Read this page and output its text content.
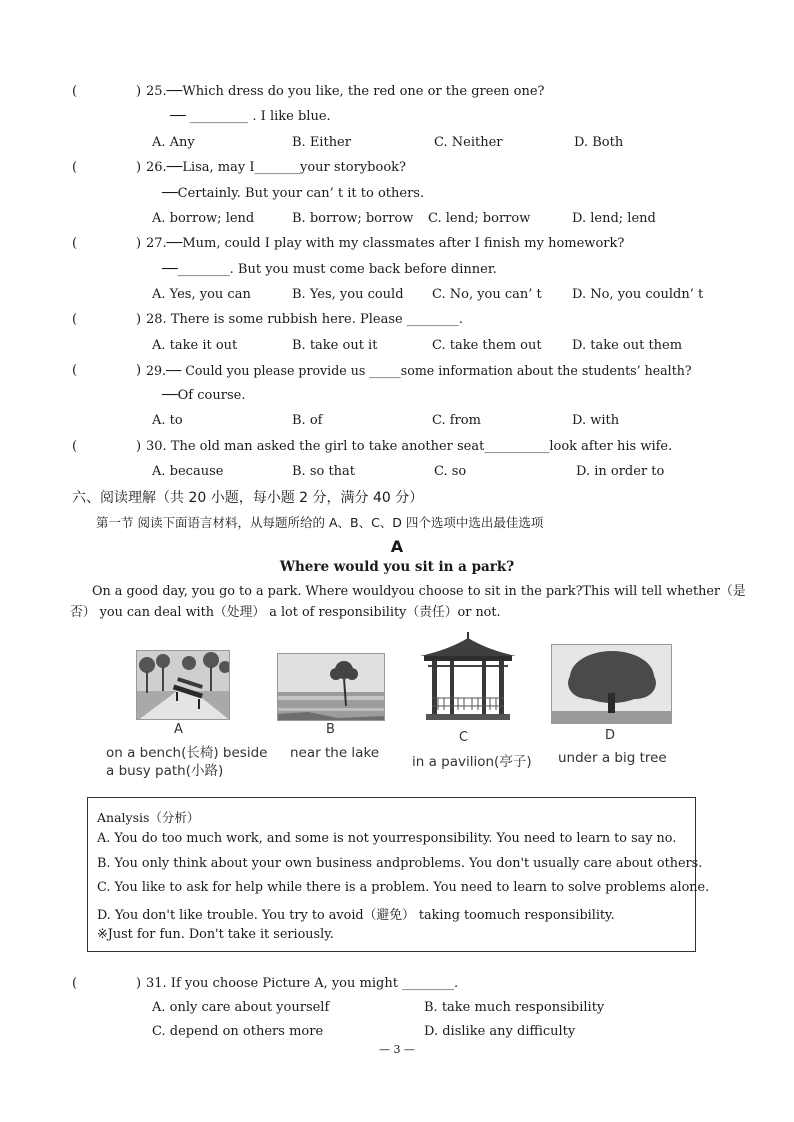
(	) 25.──Which dress do you like, the red one or the green one?
── _________ . I like blue.
A. Any	B. Either	C. Neither	D. Both
(	) 26.──Lisa, may I_______your storybook?
──Certainly. But your can’ t it to others.
A. borrow; lend	B. borrow; borrow C. lend; borrow	D. lend; lend
(	) 27.──Mum, could I play with my classmates after I finish my homework?
──________. But you must come back before dinner.
A. Yes, you can	B. Yes, you could C. No, you can’ t D. No, you couldn’ t
(	) 28. There is some rubbish here. Please ________.
A. take it out	B. take out it	C. take them out D. take out them
(	) 29.── Could you please provide us _____some information about the students’ health?
──Of course.
A. to	B. of	C. from	D. with
(	) 30. The old man asked the girl to take another seat__________look after his wife.
A. because	B. so that	C. so	D. in order to
六、阅读理解（共 20 小题，每小题 2 分，满分 40 分）
第一节 阅读下面语言材料，从每题所给的 A、B、C、D 四个选项中选出最佳选项
A
Where would you sit in a park?
On a good day, you go to a park. Where wouldyou choose to sit in the park?This will tell whether（是
否） you can deal with（处理） a lot of responsibility（责任）or not.
A
on a bench(长椅) beside
a busy path(小路)
B
near the lake
C
in a pavilion(亭子)
D
under a big tree
Analysis（分析）
A. You do too much work, and some is not yourresponsibility. You need to learn to say no.
B. You only think about your own business andproblems. You don't usually care about others.
C. You like to ask for help while there is a problem. You need to learn to solve problems alone.
D. You don't like trouble. You try to avoid（避免） taking toomuch responsibility.
※Just for fun. Don't take it seriously.
(	) 31. If you choose Picture A, you might ________.
A. only care about yourself	B. take much responsibility
C. depend on others more	D. dislike any difficulty
— 3 —
